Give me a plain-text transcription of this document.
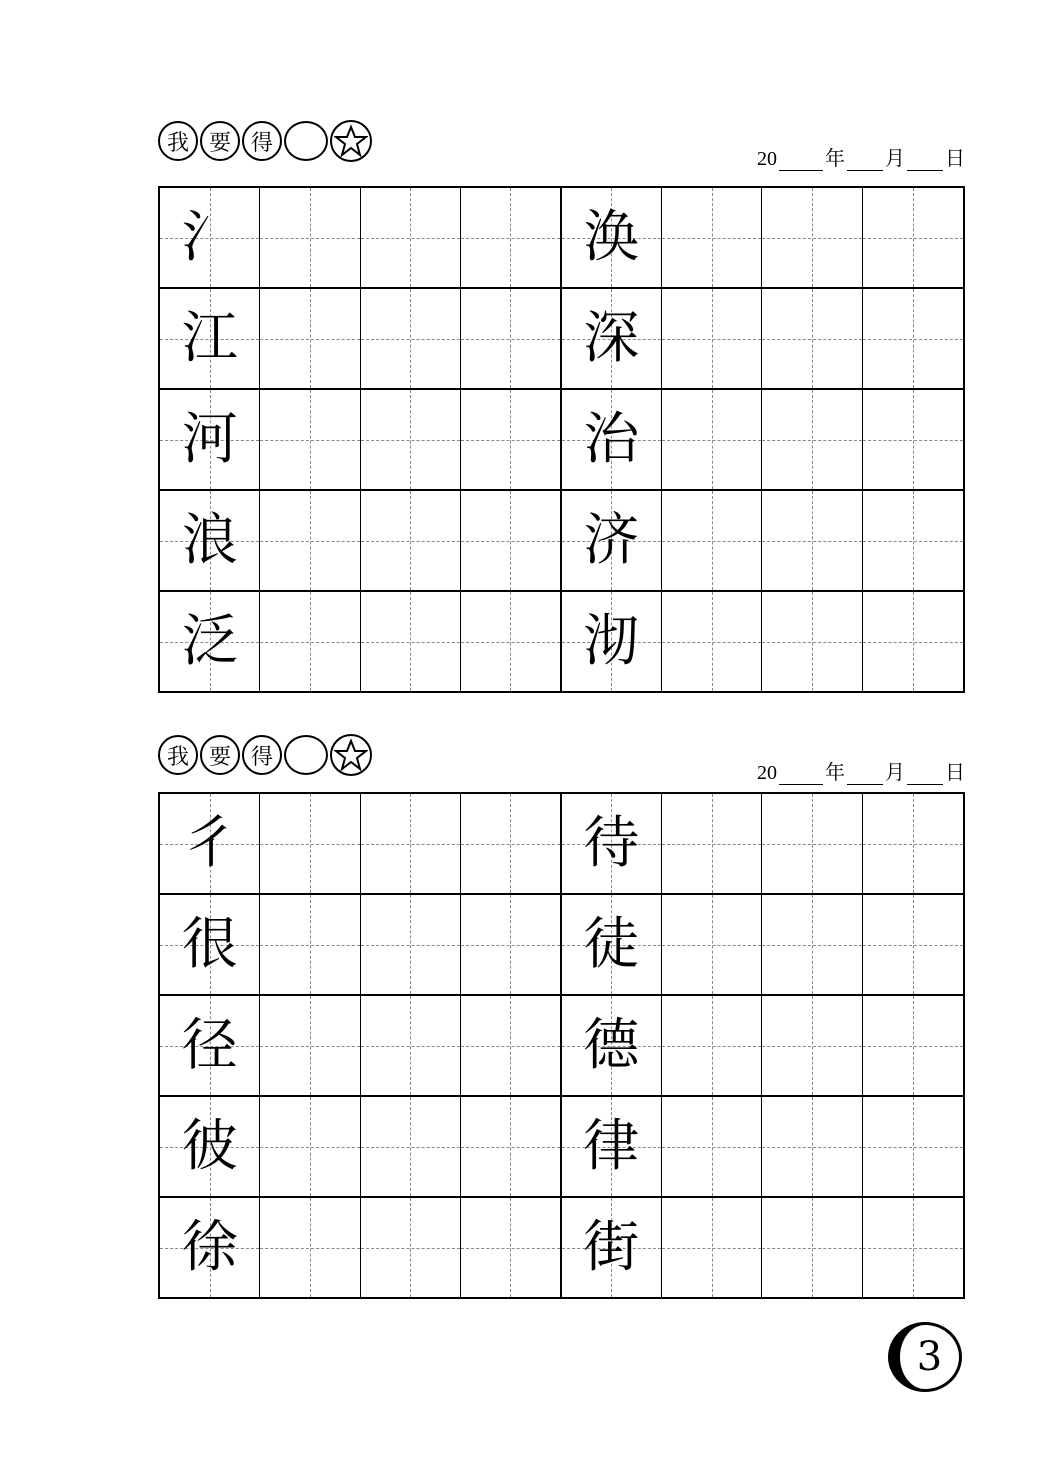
我 要 得
20 年 月 日
氵	涣
江	深
河	治
浪	济
泛	沏
我 要 得
20 年 月 日
彳	待
很	徒
径	德
彼	律
徐	街
3
